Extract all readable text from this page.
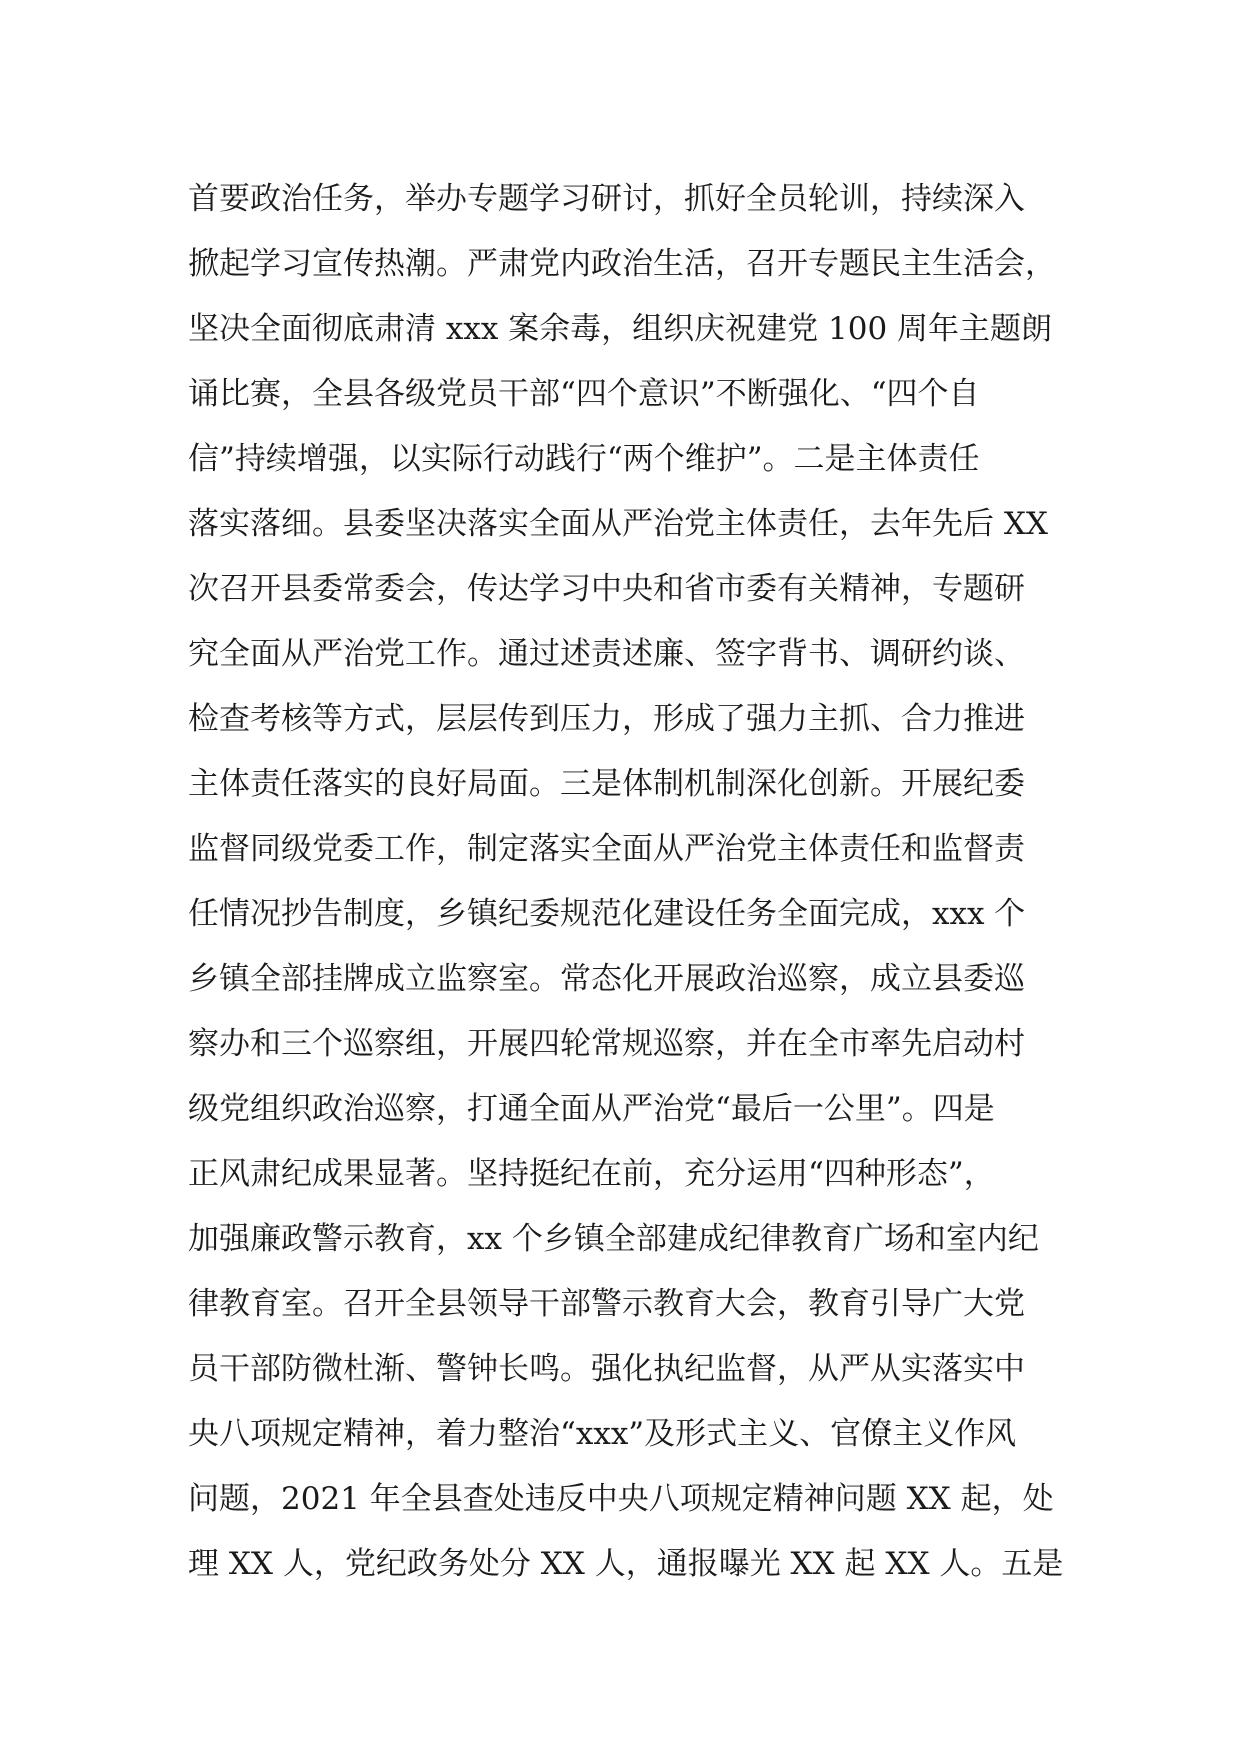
首要政治任务，举办专题学习研讨，抓好全员轮训，持续深入
掀起学习宣传热潮。严肃党内政治生活，召开专题民主生活会，
坚决全面彻底肃清 xxx 案余毒，组织庆祝建党 100 周年主题朗
诵比赛，全县各级党员干部“四个意识”不断强化、“四个自
信”持续增强，以实际行动践行“两个维护”。二是主体责任
落实落细。县委坚决落实全面从严治党主体责任，去年先后 XX
次召开县委常委会，传达学习中央和省市委有关精神，专题研
究全面从严治党工作。通过述责述廉、签字背书、调研约谈、
检查考核等方式，层层传到压力，形成了强力主抓、合力推进
主体责任落实的良好局面。三是体制机制深化创新。开展纪委
监督同级党委工作，制定落实全面从严治党主体责任和监督责
任情况抄告制度，乡镇纪委规范化建设任务全面完成，xxx 个
乡镇全部挂牌成立监察室。常态化开展政治巡察，成立县委巡
察办和三个巡察组，开展四轮常规巡察，并在全市率先启动村
级党组织政治巡察，打通全面从严治党“最后一公里”。四是
正风肃纪成果显著。坚持挺纪在前，充分运用“四种形态”，
加强廉政警示教育，xx 个乡镇全部建成纪律教育广场和室内纪
律教育室。召开全县领导干部警示教育大会，教育引导广大党
员干部防微杜渐、警钟长鸣。强化执纪监督，从严从实落实中
央八项规定精神，着力整治“xxx”及形式主义、官僚主义作风
问题，2021 年全县查处违反中央八项规定精神问题 XX 起，处
理 XX 人，党纪政务处分 XX 人，通报曝光 XX 起 XX 人。五是
